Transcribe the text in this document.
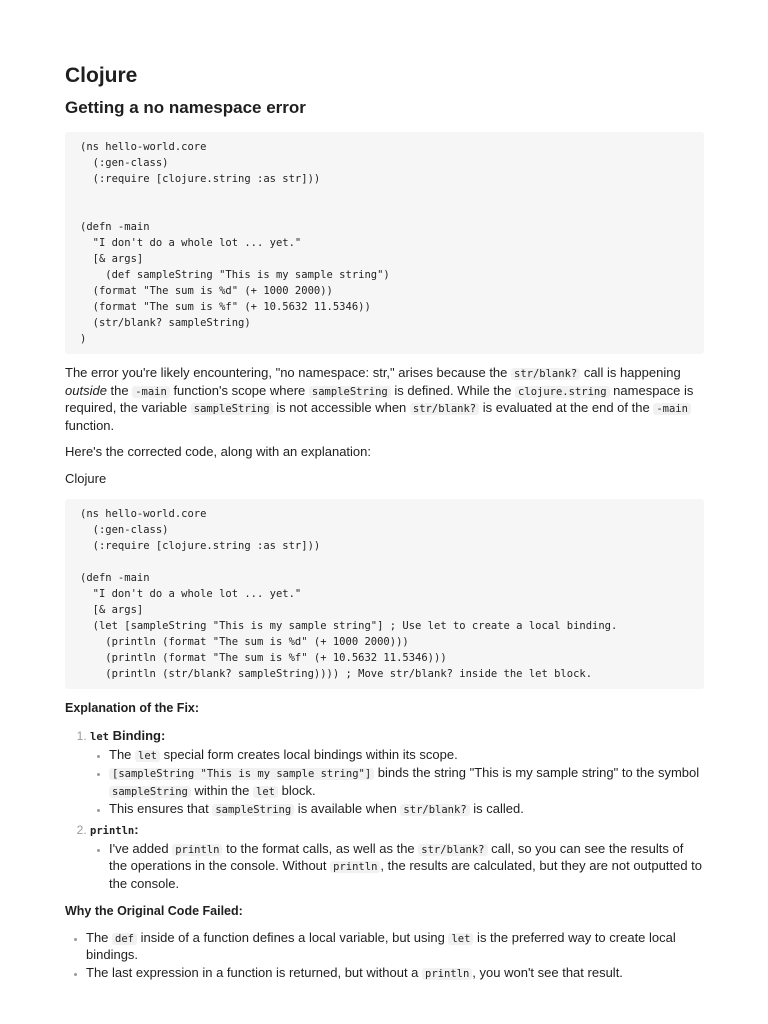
Clojure
Getting a no namespace error
(ns hello-world.core
(:gen-class)
(:require [clojure.string :as str]))
(defn -main
"I don't do a whole lot ... yet."
[& args]
(def sampleString "This is my sample string")
(format "The sum is %d" (+ 1000 2000))
(format "The sum is %f" (+ 10.5632 11.5346))
(str/blank? sampleString)
)

The error you're likely encountering, "no namespace: str," arises because the str/blank? call is happening outside the -main function's scope where sampleString is defined. While the clojure.string namespace is required, the variable sampleString is not accessible when str/blank? is evaluated at the end of the -main function.

Here's the corrected code, along with an explanation:

Clojure

(ns hello-world.core
(:gen-class)
(:require [clojure.string :as str]))
(defn -main
"I don't do a whole lot ... yet."
[& args]
(let [sampleString "This is my sample string"] ; Use let to create a local binding.
(println (format "The sum is %d" (+ 1000 2000)))
(println (format "The sum is %f" (+ 10.5632 11.5346)))
(println (str/blank? sampleString)))) ; Move str/blank? inside the let block.

Explanation of the Fix:

1. let Binding:
• The let special form creates local bindings within its scope.
• [sampleString "This is my sample string"] binds the string "This is my sample string" to the symbol sampleString within the let block.
• This ensures that sampleString is available when str/blank? is called.
2. println:
• I've added println to the format calls, as well as the str/blank? call, so you can see the results of the operations in the console. Without println , the results are calculated, but they are not outputted to the console.

Why the Original Code Failed:

• The def inside of a function defines a local variable, but using let is the preferred way to create local bindings.
• The last expression in a function is returned, but without a println , you won't see that result.
